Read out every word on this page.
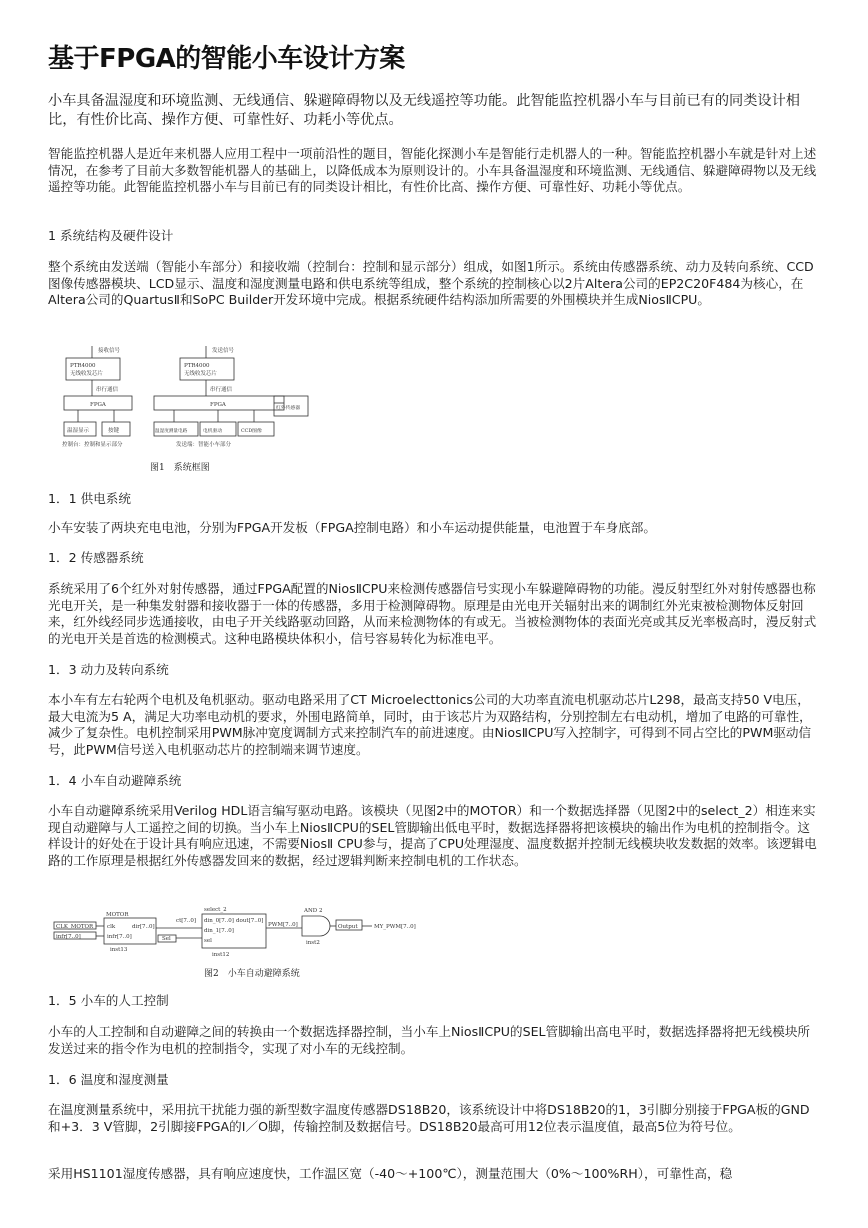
基于FPGA的智能小车设计方案

小车具备温湿度和环境监测、无线通信、躲避障碍物以及无线遥控等功能。此智能监控机器小车与目前已有的同类设计相比，有性价比高、操作方便、可靠性好、功耗小等优点。

智能监控机器人是近年来机器人应用工程中一项前沿性的题目，智能化探测小车是智能行走机器人的一种。智能监控机器小车就是针对上述情况，在参考了目前大多数智能机器人的基础上，以降低成本为原则设计的。小车具备温湿度和环境监测、无线通信、躲避障碍物以及无线遥控等功能。此智能监控机器小车与目前已有的同类设计相比，有性价比高、操作方便、可靠性好、功耗小等优点。

1 系统结构及硬件设计

整个系统由发送端（智能小车部分）和接收端（控制台：控制和显示部分）组成，如图1所示。系统由传感器系统、动力及转向系统、CCD图像传感器模块、LCD显示、温度和湿度测量电路和供电系统等组成，整个系统的控制核心以2片Altera公司的EP2C20F484为核心，在Altera公司的QuartusⅡ和SoPC Builder开发环境中完成。根据系统硬件结构添加所需要的外围模块并生成NiosⅡCPU。

接收信号
PTR4000
无线收发芯片
串行通信
FPGA
温湿显示	按键
控制台：控制和显示部分
发送信号
PTR4000
无线收发芯片
串行通信
FPGA
红外传感器
温湿度测量电路	电机驱动	CCD图像
发送端：智能小车部分
图1　系统框图

1．1 供电系统

小车安装了两块充电电池，分别为FPGA开发板（FPGA控制电路）和小车运动提供能量，电池置于车身底部。

1．2 传感器系统

系统采用了6个红外对射传感器，通过FPGA配置的NiosⅡCPU来检测传感器信号实现小车躲避障碍物的功能。漫反射型红外对射传感器也称光电开关，是一种集发射器和接收器于一体的传感器，多用于检测障碍物。原理是由光电开关辐射出来的调制红外光束被检测物体反射回来，红外线经同步选通接收，由电子开关线路驱动回路，从而来检测物体的有或无。当被检测物体的表面光亮或其反光率极高时，漫反射式的光电开关是首选的检测模式。这种电路模块体积小，信号容易转化为标准电平。

1．3 动力及转向系统

本小车有左右轮两个电机及龟机驱动。驱动电路采用了CT Microelecttonics公司的大功率直流电机驱动芯片L298，最高支持50 V电压，最大电流为5 A，满足大功率电动机的要求，外围电路简单，同时，由于该芯片为双路结构，分别控制左右电动机，增加了电路的可靠性，减少了复杂性。电机控制采用PWM脉冲宽度调制方式来控制汽车的前进速度。由NiosⅡCPU写入控制字，可得到不同占空比的PWM驱动信号，此PWM信号送入电机驱动芯片的控制端来调节速度。

1．4 小车自动避障系统

小车自动避障系统采用Verilog HDL语言编写驱动电路。该模块（见图2中的MOTOR）和一个数据选择器（见图2中的select_2）相连来实现自动避障与人工遥控之间的切换。当小车上NiosⅡCPU的SEL管脚输出低电平时，数据选择器将把该模块的输出作为电机的控制指令。这样设计的好处在于设计具有响应迅速，不需要NiosⅡ CPU参与，提高了CPU处理湿度、温度数据并控制无线模块收发数据的效率。该逻辑电路的工作原理是根据红外传感器发回来的数据，经过逻辑判断来控制电机的工作状态。

CLK_MOTOR
infr[7..0]
MOTOR
clk
infr[7..0]
dir[7..0]
inst13
select_2
ct[7..0]
Sel
din_0[7..0]
din_1[7..0]
sel
dout[7..0]
inst12
PWM[7..0]
AND 2
inst2
Output	MY_PWM[7..0]
图2　小车自动避障系统

1．5 小车的人工控制

小车的人工控制和自动避障之间的转换由一个数据选择器控制，当小车上NiosⅡCPU的SEL管脚输出高电平时，数据选择器将把无线模块所发送过来的指令作为电机的控制指令，实现了对小车的无线控制。

1．6 温度和湿度测量

在温度测量系统中，采用抗干扰能力强的新型数字温度传感器DS18B20，该系统设计中将DS18B20的1，3引脚分别接于FPGA板的GND 和+3．3 V管脚，2引脚接FPGA的I／O脚，传输控制及数据信号。DS18B20最高可用12位表示温度值，最高5位为符号位。

采用HS1101湿度传感器，具有响应速度快，工作温区宽（-40～+100℃），测量范围大（0%～100%RH），可靠性高，稳
